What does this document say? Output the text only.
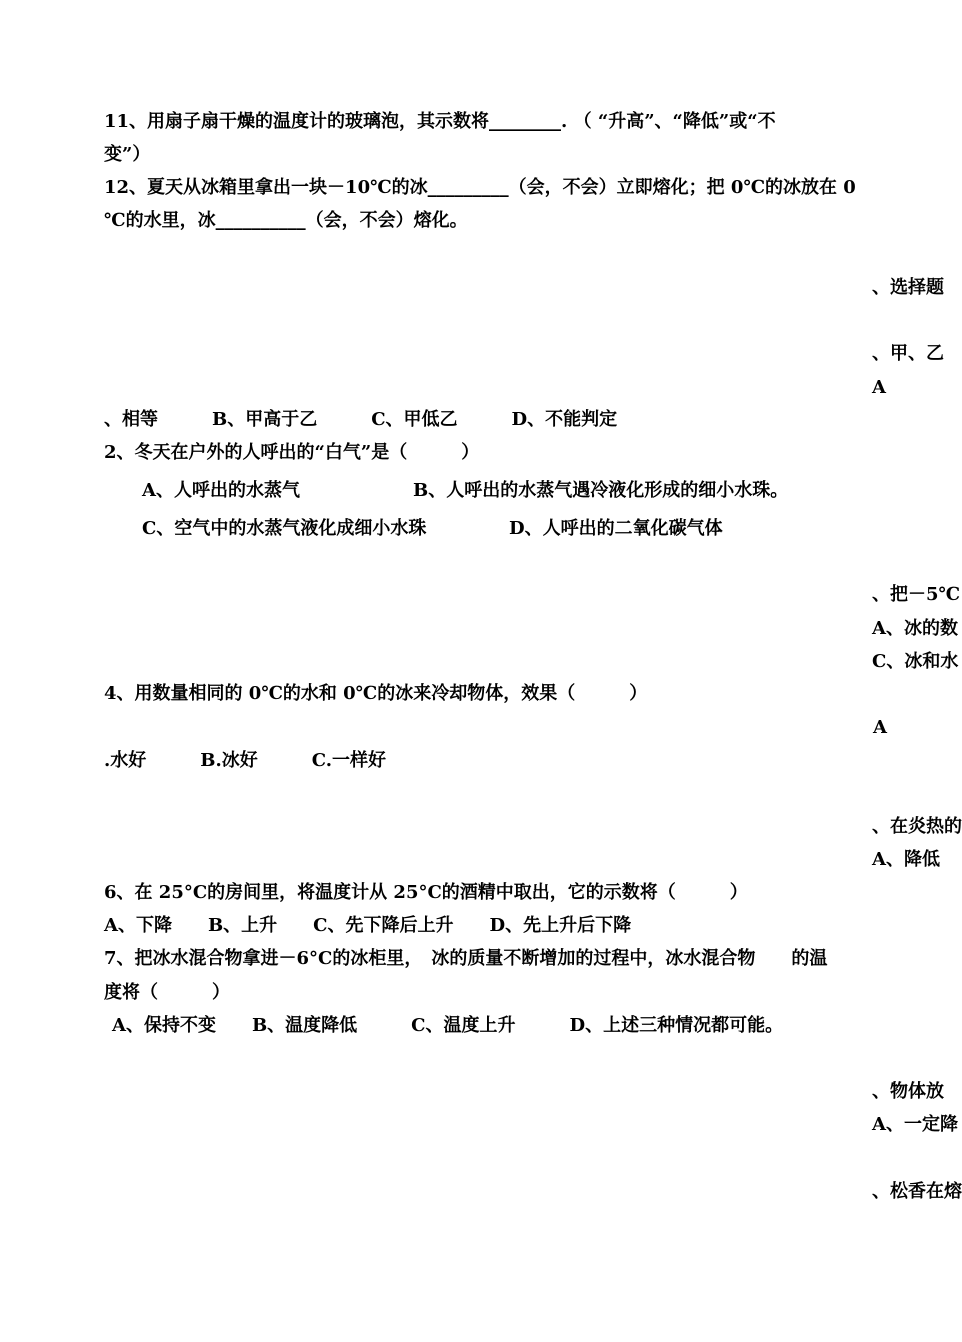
11、用扇子扇干燥的温度计的玻璃泡，其示数将________. （ “升高”、“降低”或“不
变”）
12、夏天从冰箱里拿出一块－10℃的冰_________（会，不会）立即熔化；把 0℃的冰放在 0
℃的水里，冰__________（会，不会）熔化。
、选择题
、甲、乙
A
、相等　　　B、甲高于乙　　　C、甲低乙　　　D、不能判定
2、冬天在户外的人呼出的“白气”是（　　　）
A、人呼出的水蒸气	B、人呼出的水蒸气遇冷液化形成的细小水珠。
C、空气中的水蒸气液化成细小水珠	D、人呼出的二氧化碳气体
、把－5℃
A、冰的数
C、冰和水
4、用数量相同的 0℃的水和 0℃的冰来冷却物体，效果（　　　）
A
.水好　　　B.冰好　　　C.一样好
、在炎热的
A、降低
6、在 25°C的房间里，将温度计从 25°C的酒精中取出，它的示数将（　　　）
A、下降　　B、上升　　C、先下降后上升　　D、先上升后下降
7、把冰水混合物拿进－6°C的冰柜里，　冰的质量不断增加的过程中，冰水混合物　　的温
度将（　　　）
A、保持不变　　B、温度降低　　　C、温度上升　　　D、上述三种情况都可能。
、物体放
A、一定降
、松香在熔
